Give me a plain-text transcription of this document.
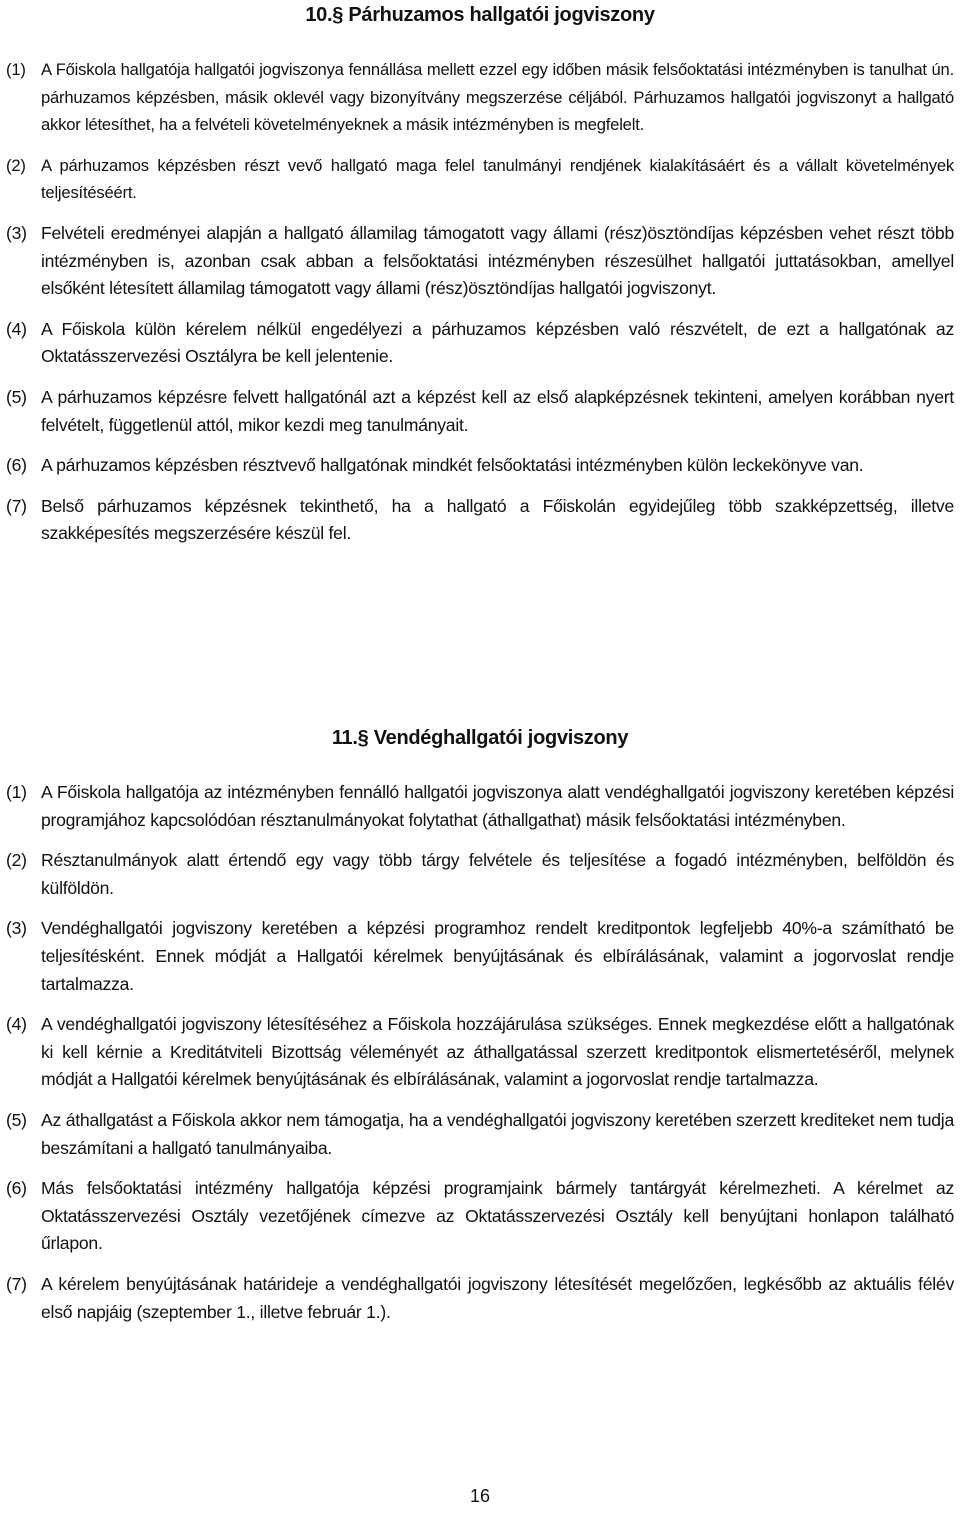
10.§ Párhuzamos hallgatói jogviszony

(1) A Főiskola hallgatója hallgatói jogviszonya fennállása mellett ezzel egy időben másik felsőoktatási intézményben is tanulhat ún. párhuzamos képzésben, másik oklevél vagy bizonyítvány megszerzése céljából. Párhuzamos hallgatói jogviszonyt a hallgató akkor létesíthet, ha a felvételi követelményeknek a másik intézményben is megfelelt.

(2) A párhuzamos képzésben részt vevő hallgató maga felel tanulmányi rendjének kialakításáért és a vállalt követelmények teljesítéséért.

(3) Felvételi eredményei alapján a hallgató államilag támogatott vagy állami (rész)ösztöndíjas képzésben vehet részt több intézményben is, azonban csak abban a felsőoktatási intézményben részesülhet hallgatói juttatásokban, amellyel elsőként létesített államilag támogatott vagy állami (rész)ösztöndíjas hallgatói jogviszonyt.

(4) A Főiskola külön kérelem nélkül engedélyezi a párhuzamos képzésben való részvételt, de ezt a hallgatónak az Oktatásszervezési Osztályra be kell jelentenie.

(5) A párhuzamos képzésre felvett hallgatónál azt a képzést kell az első alapképzésnek tekinteni, amelyen korábban nyert felvételt, függetlenül attól, mikor kezdi meg tanulmányait.

(6) A párhuzamos képzésben résztvevő hallgatónak mindkét felsőoktatási intézményben külön leckekönyve van.

(7) Belső párhuzamos képzésnek tekinthető, ha a hallgató a Főiskolán egyidejűleg több szakképzettség, illetve szakképesítés megszerzésére készül fel.

11.§ Vendéghallgatói jogviszony

(1) A Főiskola hallgatója az intézményben fennálló hallgatói jogviszonya alatt vendéghallgatói jogviszony keretében képzési programjához kapcsolódóan résztanulmányokat folytathat (áthallgathat) másik felsőoktatási intézményben.

(2) Résztanulmányok alatt értendő egy vagy több tárgy felvétele és teljesítése a fogadó intézményben, belföldön és külföldön.

(3) Vendéghallgatói jogviszony keretében a képzési programhoz rendelt kreditpontok legfeljebb 40%-a számítható be teljesítésként. Ennek módját a Hallgatói kérelmek benyújtásának és elbírálásának, valamint a jogorvoslat rendje tartalmazza.

(4) A vendéghallgatói jogviszony létesítéséhez a Főiskola hozzájárulása szükséges. Ennek megkezdése előtt a hallgatónak ki kell kérnie a Kreditátviteli Bizottság véleményét az áthallgatással szerzett kreditpontok elismertetéséről, melynek módját a Hallgatói kérelmek benyújtásának és elbírálásának, valamint a jogorvoslat rendje tartalmazza.

(5) Az áthallgatást a Főiskola akkor nem támogatja, ha a vendéghallgatói jogviszony keretében szerzett krediteket nem tudja beszámítani a hallgató tanulmányaiba.

(6) Más felsőoktatási intézmény hallgatója képzési programjaink bármely tantárgyát kérelmezheti. A kérelmet az Oktatásszervezési Osztály vezetőjének címezve az Oktatásszervezési Osztály kell benyújtani honlapon található űrlapon.

(7) A kérelem benyújtásának határideje a vendéghallgatói jogviszony létesítését megelőzően, legkésőbb az aktuális félév első napjáig (szeptember 1., illetve február 1.).

16
